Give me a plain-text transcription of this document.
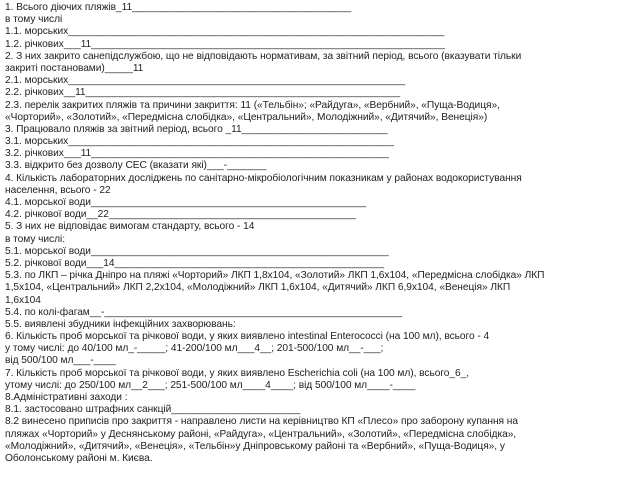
1. Всього діючих пляжів_11_______________________________________
в тому числі
1.1. морських___________________________________________________________________
1.2. річкових___11_______________________________________________________________
2. З них закрито санепідслужбою, що не відповідають нормативам, за звітний період, всього (вказувати тільки
закриті постановами)_____11
2.1. морських____________________________________________________________
2.2. річкових__11________________________________________________________
2.3. перелік закритих пляжів та причини закриття: 11 («Тельбін»; «Райдуга», «Вербний», «Пуща-Водиця»,
«Чорторий», «Золотий», «Передмісна слобідка», «Центральний», Молодіжний», «Дитячий», Венеція»)
3. Працювало пляжів за звітний період, всього _11__________________________
3.1. морських__________________________________________________________
3.2. річкових___11_____________________________________________________
3.3. відкрито без дозволу СЕС (вказати які)___-_______
4. Кількість лабораторних досліджень по санітарно-мікробіологічним показникам у районах водокористування
населення, всього - 22
4.1. морської води_________________________________________________
4.2. річкової води__22____________________________________________
5. З них не відповідає вимогам стандарту, всього - 14
в тому числі:
5.1. морської води_____________________________________________________
5.2. річкової води___14________________________________________________
5.3. по ЛКП – річка Дніпро на пляжі «Чорторий» ЛКП 1,8x104, «Золотий» ЛКП 1,6x104, «Передмісна слобідка» ЛКП
1,5x104, «Центральний» ЛКП 2,2x104, «Молодіжний» ЛКП 1,6x104, «Дитячий» ЛКП 6,9x104, «Венеція» ЛКП
1,6x104
5.4. по колі-фагам__-_____________________________________________________
5.5. виявлені збудники інфекційних захворювань:
6. Кількість проб морської та річкової води, у яких виявлено intestinal Enterococci (на 100 мл), всього - 4
у тому числі: до 40/100 мл_-_____; 41-200/100 мл___4__; 201-500/100 мл__-___;
від 500/100 мл___-____
7. Кількість проб морської та річкової води, у яких виявлено Escherichia coli (на 100 мл), всього_6_,
утому числі: до 250/100 мл__2___; 251-500/100 мл____4____; від 500/100 мл____-____
8.Адміністративні заходи :
8.1. застосовано штрафних санкцій_______________________
8.2 винесено приписів про закриття - направлено листи на керівництво КП «Плесо» про заборону купання на
пляжах «Чорторий» у Деснянському районі, «Райдуга», «Центральний», «Золотий», «Передмісна слобідка»,
«Молодіжний», «Дитячий», «Венеція», «Тельбін»у Дніпровському районі та «Вербний», «Пуща-Водиця», у
Оболонському районі м. Києва.
